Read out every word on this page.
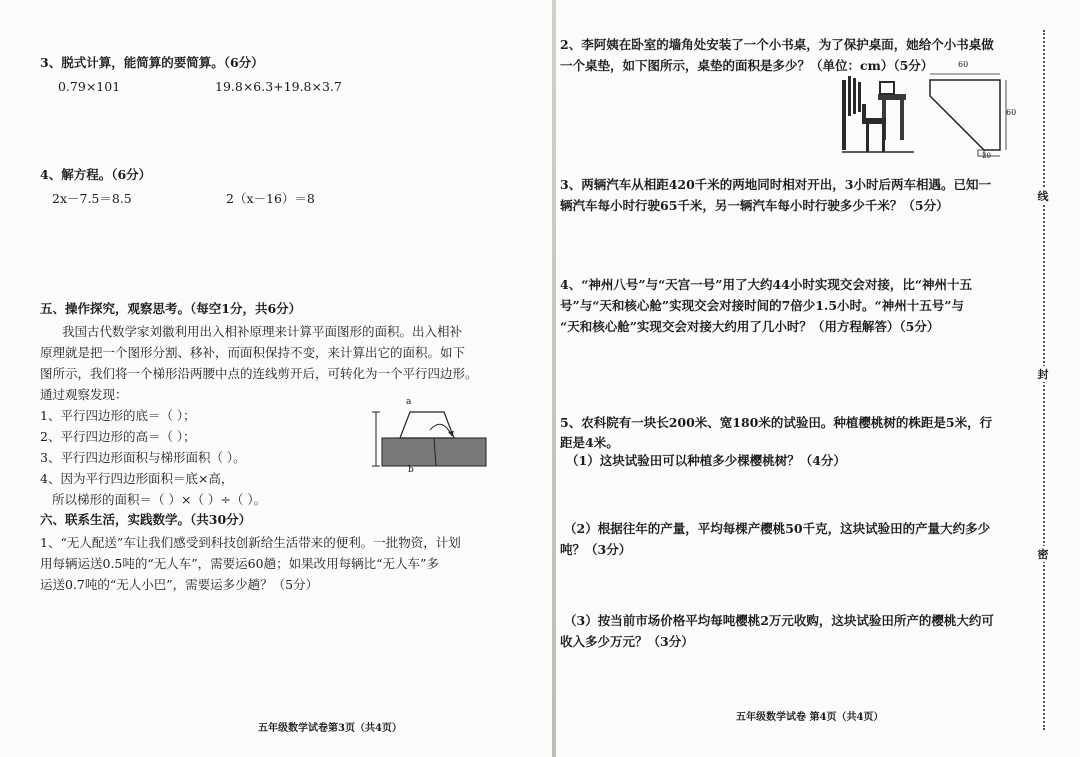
3、脱式计算，能简算的要简算。（6分）
0.79×101	19.8×6.3+19.8×3.7
4、解方程。（6分）
2x－7.5＝8.5	2（x－16）＝8
五、操作探究，观察思考。（每空1分，共6分）
我国古代数学家刘徽利用出入相补原理来计算平面图形的面积。出入相补
原理就是把一个图形分割、移补，而面积保持不变，来计算出它的面积。如下
图所示，我们将一个梯形沿两腰中点的连线剪开后，可转化为一个平行四边形。
通过观察发现：
1、平行四边形的底＝（ ）；
2、平行四边形的高＝（ ）；
3、平行四边形面积与梯形面积（ ）。
4、因为平行四边形面积＝底×高，
所以梯形的面积＝（ ）×（ ）÷（ ）。
a
b
六、联系生活，实践数学。（共30分）
1、“无人配送”车让我们感受到科技创新给生活带来的便利。一批物资，计划
用每辆运送0.5吨的“无人车”，需要运60趟；如果改用每辆比“无人车”多
运送0.7吨的“无人小巴”，需要运多少趟？（5分）
五年级数学试卷第3页（共4页）
2、李阿姨在卧室的墙角处安装了一个小书桌，为了保护桌面，她给个小书桌做
一个桌垫，如下图所示，桌垫的面积是多少？（单位：cm）（5分）	60
60
20
3、两辆汽车从相距420千米的两地同时相对开出，3小时后两车相遇。已知一
辆汽车每小时行驶65千米，另一辆汽车每小时行驶多少千米？（5分）
4、“神州八号”与“天宫一号”用了大约44小时实现交会对接，比“神州十五
号”与“天和核心舱”实现交会对接时间的7倍少1.5小时。“神州十五号”与
“天和核心舱”实现交会对接大约用了几小时？（用方程解答）（5分）
5、农科院有一块长200米、宽180米的试验田。种植樱桃树的株距是5米，行
距是4米。
（1）这块试验田可以种植多少棵樱桃树？（4分）
（2）根据往年的产量，平均每棵产樱桃50千克，这块试验田的产量大约多少
吨？（3分）
（3）按当前市场价格平均每吨樱桃2万元收购，这块试验田所产的樱桃大约可
收入多少万元？（3分）
五年级数学试卷 第4页（共4页）
线
封
密
